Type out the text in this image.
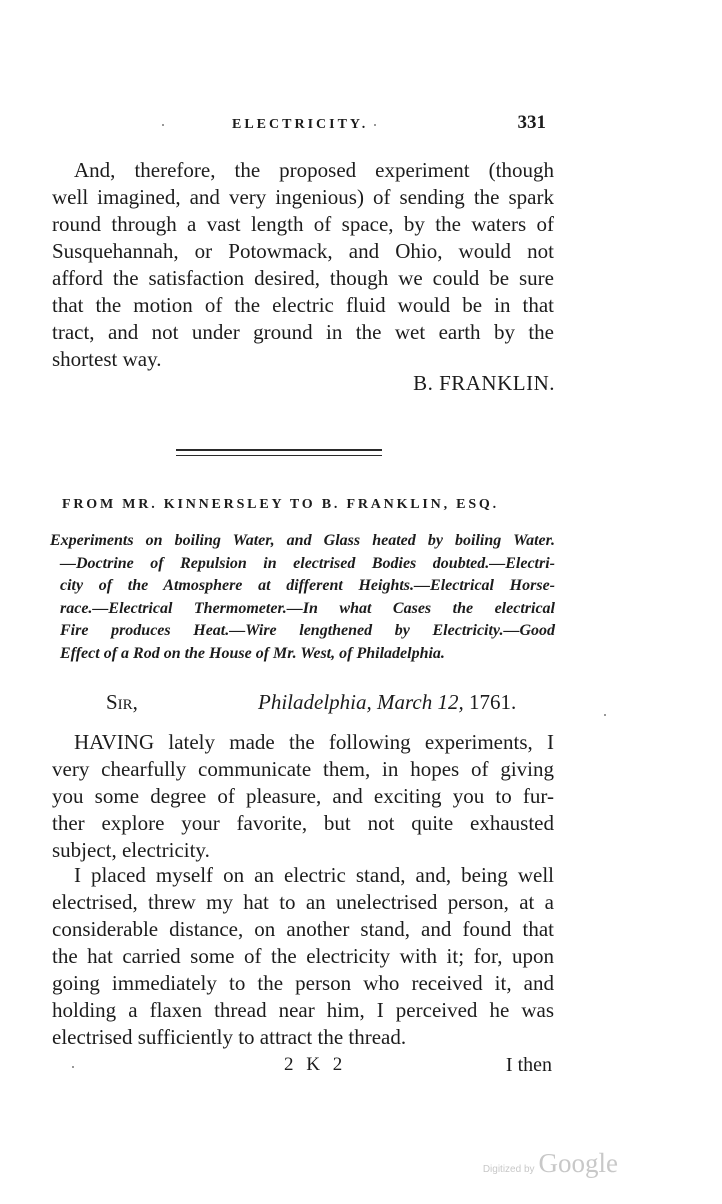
ELECTRICITY.	331
And, therefore, the proposed experiment (though
well imagined, and very ingenious) of sending the spark
round through a vast length of space, by the waters of
Susquehannah, or Potowmack, and Ohio, would not
afford the satisfaction desired, though we could be sure
that the motion of the electric fluid would be in that
tract, and not under ground in the wet earth by the
shortest way.
B. FRANKLIN.
FROM MR. KINNERSLEY TO B. FRANKLIN, ESQ.
Experiments on boiling Water, and Glass heated by boiling Water.
—Doctrine of Repulsion in electrised Bodies doubted.—Electri-
city of the Atmosphere at different Heights.—Electrical Horse-
race.—Electrical Thermometer.—In what Cases the electrical
Fire produces Heat.—Wire lengthened by Electricity.—Good
Effect of a Rod on the House of Mr. West, of Philadelphia.
Sir,	Philadelphia, March 12, 1761.
HAVING lately made the following experiments, I
very chearfully communicate them, in hopes of giving
you some degree of pleasure, and exciting you to fur-
ther explore your favorite, but not quite exhausted
subject, electricity.
I placed myself on an electric stand, and, being well
electrised, threw my hat to an unelectrised person, at a
considerable distance, on another stand, and found that
the hat carried some of the electricity with it; for, upon
going immediately to the person who received it, and
holding a flaxen thread near him, I perceived he was
electrised sufficiently to attract the thread.
2 K 2	I then
Digitized by Google
